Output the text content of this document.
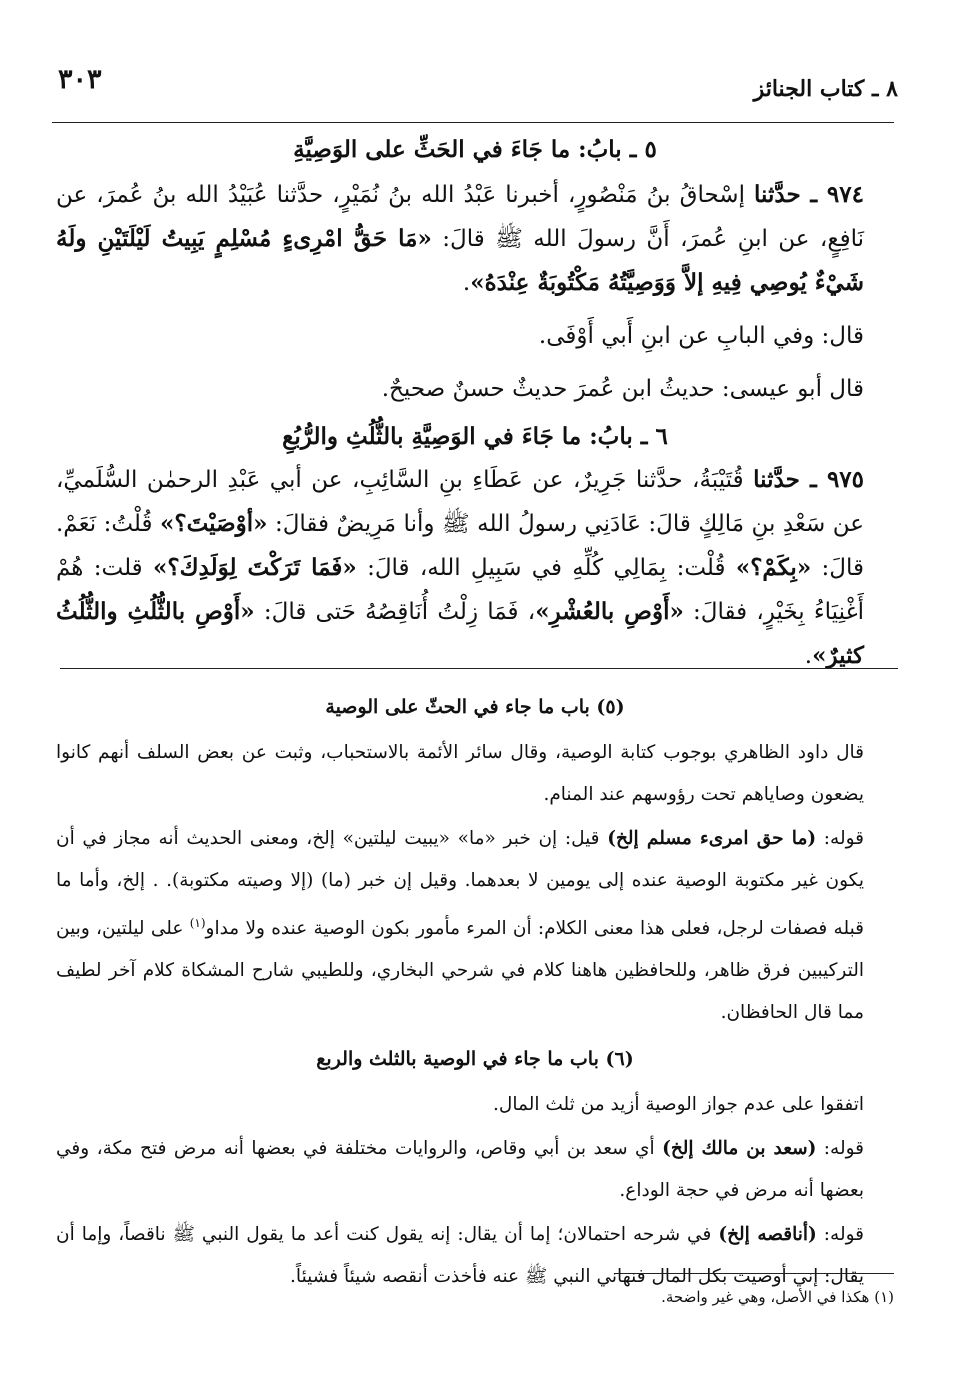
٣٠٣	٨ ـ كتاب الجنائز

٥ ـ بابُ: ما جَاءَ في الحَثِّ على الوَصِيَّةِ

٩٧٤ ـ حدَّثنا إسْحاقُ بنُ مَنْصُورٍ، أخبرنا عَبْدُ الله بنُ نُمَيْرٍ، حدَّثنا عُبَيْدُ الله بنُ عُمرَ، عن نَافِعٍ، عن ابنِ عُمرَ، أَنَّ رسولَ الله ﷺ قالَ: «مَا حَقُّ امْرِىءٍ مُسْلِمٍ يَبِيتُ لَيْلَتَيْنِ ولَهُ شَيْءٌ يُوصِي فِيهِ إلاَّ وَوَصِيَّتُهُ مَكْتُوبَةٌ عِنْدَهُ».

قال: وفي البابِ عن ابنِ أَبي أَوْفَى.

قال أبو عيسى: حديثُ ابن عُمرَ حديثٌ حسنٌ صحيحٌ.

٦ ـ بابُ: ما جَاءَ في الوَصِيَّةِ بالثُّلُثِ والرُّبُعِ

٩٧٥ ـ حدَّثنا قُتَيْبَةُ، حدَّثنا جَرِيرٌ، عن عَطَاءِ بنِ السَّائِبِ، عن أبي عَبْدِ الرحمٰن السُّلَميِّ، عن سَعْدِ بنِ مَالِكٍ قالَ: عَادَنِي رسولُ الله ﷺ وأنا مَرِيضٌ فقالَ: «أوْصَيْتَ؟» قُلْتُ: نَعَمْ. قالَ: «بِكَمْ؟» قُلْت: بِمَالِي كُلِّهِ في سَبِيلِ الله، قالَ: «فَمَا تَرَكْتَ لِوَلَدِكَ؟» قلت: هُمْ أَغْنِيَاءُ بِخَيْرٍ، فقالَ: «أَوْصِ بالعُشْرِ»، فَمَا زِلْتُ أُنَاقِصُهُ حَتى قالَ: «أَوْصِ بالثُّلُثِ والثُّلُثُ كثيرٌ».

(٥) باب ما جاء في الحثّ على الوصية

قال داود الظاهري بوجوب كتابة الوصية، وقال سائر الأئمة بالاستحباب، وثبت عن بعض السلف أنهم كانوا يضعون وصاياهم تحت رؤوسهم عند المنام.

قوله: (ما حق امرىء مسلم إلخ) قيل: إن خبر «ما» «يبيت ليلتين» إلخ، ومعنى الحديث أنه مجاز في أن يكون غير مكتوبة الوصية عنده إلى يومين لا بعدهما. وقيل إن خبر (ما) (إلا وصيته مكتوبة). . إلخ، وأما ما قبله فصفات لرجل، فعلى هذا معنى الكلام: أن المرء مأمور بكون الوصية عنده ولا مداو$^{(١)}$ على ليلتين، وبين التركيبين فرق ظاهر، وللحافظين هاهنا كلام في شرحي البخاري، وللطيبي شارح المشكاة كلام آخر لطيف مما قال الحافظان.

(٦) باب ما جاء في الوصية بالثلث والربع

اتفقوا على عدم جواز الوصية أزيد من ثلث المال.

قوله: (سعد بن مالك إلخ) أي سعد بن أبي وقاص، والروايات مختلفة في بعضها أنه مرض فتح مكة، وفي بعضها أنه مرض في حجة الوداع.

قوله: (أناقصه إلخ) في شرحه احتمالان؛ إما أن يقال: إنه يقول كنت أعد ما يقول النبي ﷺ ناقصاً، وإما أن يقال: إني أوصيت بكل المال فنهاني النبي ﷺ عنه فأخذت أنقصه شيئاً فشيئاً.

(١) هكذا في الأصل، وهي غير واضحة.
